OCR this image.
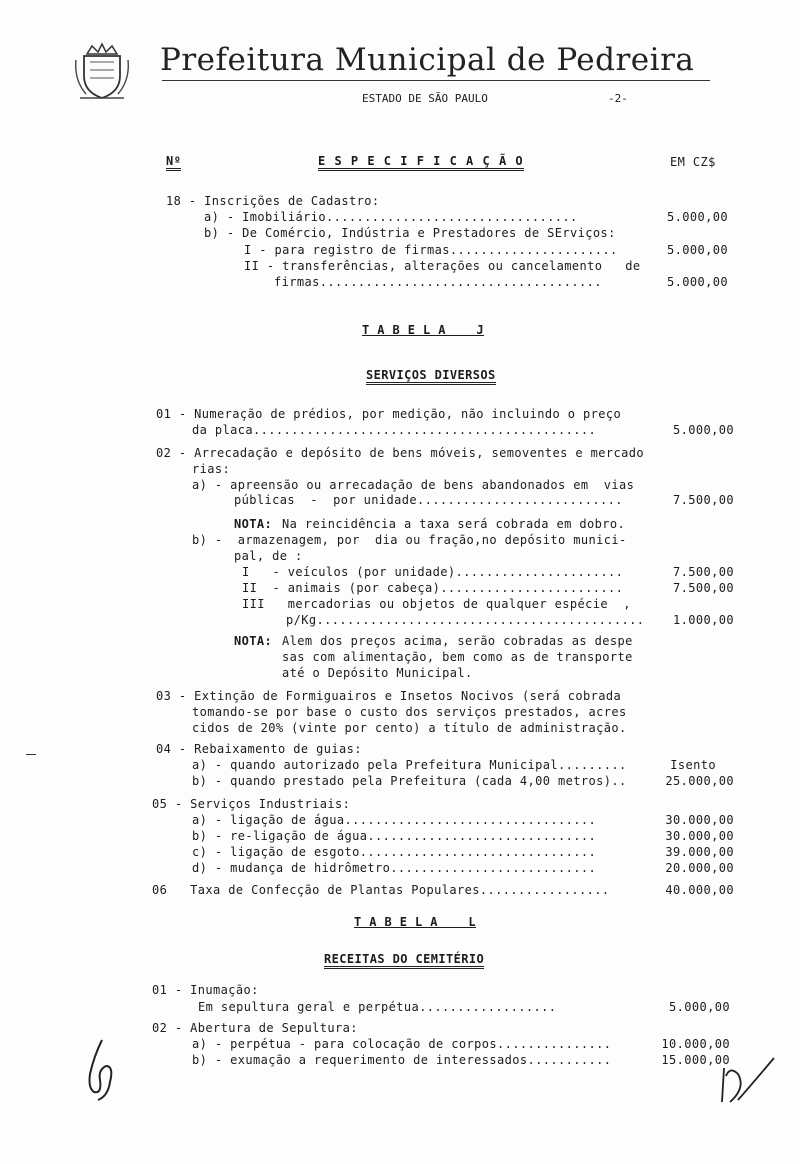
Prefeitura Municipal de Pedreira
ESTADO DE SÃO PAULO	-2-
Nº	E S P E C I F I C A Ç Ã O	EM CZ$
18 - Inscrições de Cadastro:
a) - Imobiliário.................................	5.000,00
b) - De Comércio, Indústria e Prestadores de SErviços:
I - para registro de firmas......................	5.000,00
II - transferências, alterações ou cancelamento   de
firmas.....................................	5.000,00
T A B E L A    J
SERVIÇOS DIVERSOS
01 - Numeração de prédios, por medição, não incluindo o preço
da placa.............................................	5.000,00
02 - Arrecadação e depósito de bens móveis, semoventes e mercado
rias:
a) - apreensão ou arrecadação de bens abandonados em  vias
públicas  -  por unidade...........................	7.500,00
NOTA: Na reincidência a taxa será cobrada em dobro.
b) -  armazenagem, por  dia ou fração,no depósito munici-
pal, de :
I   - veículos (por unidade)......................	7.500,00
II  - animais (por cabeça)........................	7.500,00
III   mercadorias ou objetos de qualquer espécie  ,
p/Kg...........................................	1.000,00
NOTA: Alem dos preços acima, serão cobradas as despe
sas com alimentação, bem como as de transporte
até o Depósito Municipal.
03 - Extinção de Formiguairos e Insetos Nocivos (será cobrada
tomando-se por base o custo dos serviços prestados, acres
cidos de 20% (vinte por cento) a título de administração.
04 - Rebaixamento de guias:
a) - quando autorizado pela Prefeitura Municipal.........	Isento
b) - quando prestado pela Prefeitura (cada 4,00 metros)..	25.000,00
05 - Serviços Industriais:
a) - ligação de água.................................	30.000,00
b) - re-ligação de água..............................	30.000,00
c) - ligação de esgoto...............................	39.000,00
d) - mudança de hidrômetro...........................	20.000,00
06   Taxa de Confecção de Plantas Populares.................	40.000,00
T A B E L A    L
RECEITAS DO CEMITÉRIO
01 - Inumação:
Em sepultura geral e perpétua..................	5.000,00
02 - Abertura de Sepultura:
a) - perpétua - para colocação de corpos...............	10.000,00
b) - exumação a requerimento de interessados...........	15.000,00
